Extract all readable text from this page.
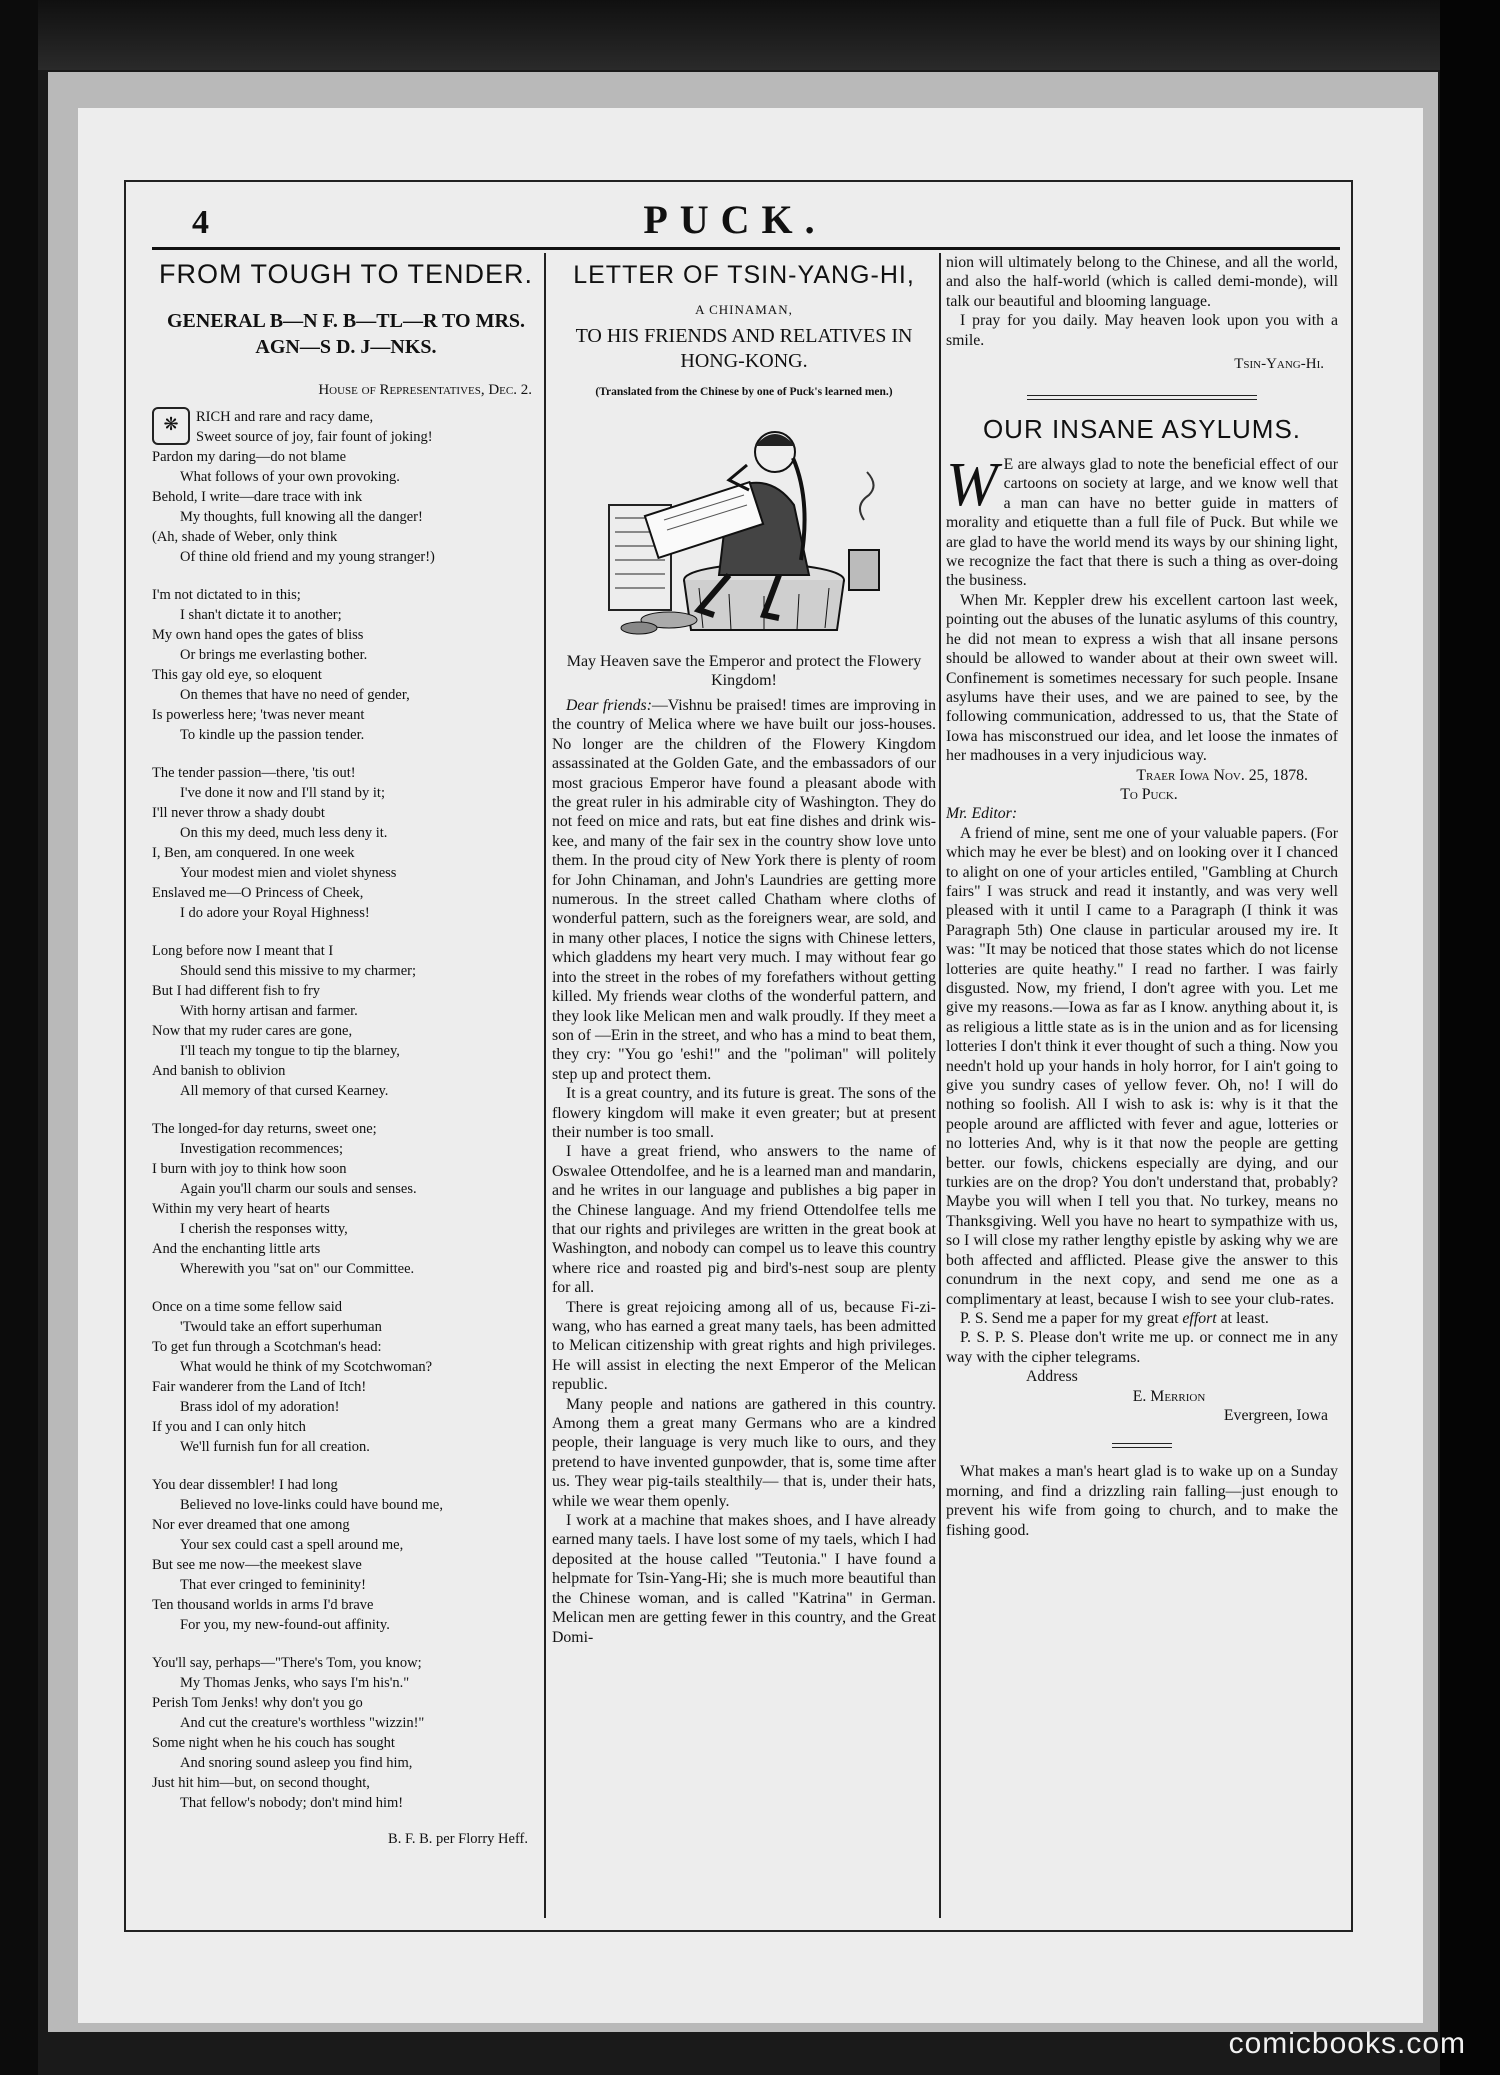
4	PUCK.
FROM TOUGH TO TENDER.
GENERAL B—N F. B—TL—R TO MRS. AGN—S D. J—NKS.
House of Representatives, Dec. 2.
❋	RICH and rare and racy dame,
Sweet source of joy, fair fount of joking!
Pardon my daring—do not blame
What follows of your own provoking.
Behold, I write—dare trace with ink
My thoughts, full knowing all the danger!
(Ah, shade of Weber, only think
Of thine old friend and my young stranger!)
I'm not dictated to in this;
I shan't dictate it to another;
My own hand opes the gates of bliss
Or brings me everlasting bother.
This gay old eye, so eloquent
On themes that have no need of gender,
Is powerless here; 'twas never meant
To kindle up the passion tender.
The tender passion—there, 'tis out!
I've done it now and I'll stand by it;
I'll never throw a shady doubt
On this my deed, much less deny it.
I, Ben, am conquered. In one week
Your modest mien and violet shyness
Enslaved me—O Princess of Cheek,
I do adore your Royal Highness!
Long before now I meant that I
Should send this missive to my charmer;
But I had different fish to fry
With horny artisan and farmer.
Now that my ruder cares are gone,
I'll teach my tongue to tip the blarney,
And banish to oblivion
All memory of that cursed Kearney.
The longed-for day returns, sweet one;
Investigation recommences;
I burn with joy to think how soon
Again you'll charm our souls and senses.
Within my very heart of hearts
I cherish the responses witty,
And the enchanting little arts
Wherewith you "sat on" our Committee.
Once on a time some fellow said
'Twould take an effort superhuman
To get fun through a Scotchman's head:
What would he think of my Scotchwoman?
Fair wanderer from the Land of Itch!
Brass idol of my adoration!
If you and I can only hitch
We'll furnish fun for all creation.
You dear dissembler! I had long
Believed no love-links could have bound me,
Nor ever dreamed that one among
Your sex could cast a spell around me,
But see me now—the meekest slave
That ever cringed to femininity!
Ten thousand worlds in arms I'd brave
For you, my new-found-out affinity.
You'll say, perhaps—"There's Tom, you know;
My Thomas Jenks, who says I'm his'n."
Perish Tom Jenks! why don't you go
And cut the creature's worthless "wizzin!"
Some night when he his couch has sought
And snoring sound asleep you find him,
Just hit him—but, on second thought,
That fellow's nobody; don't mind him!
B. F. B. per Florry Heff.
LETTER OF TSIN-YANG-HI,
A CHINAMAN,
TO HIS FRIENDS AND RELATIVES IN HONG-KONG.
(Translated from the Chinese by one of Puck's learned men.)
May Heaven save the Emperor and protect the Flowery Kingdom!

Dear friends:—Vishnu be praised! times are improving in the country of Melica where we have built our joss-houses. No longer are the children of the Flowery Kingdom assassinated at the Golden Gate, and the embassadors of our most gracious Emperor have found a pleasant abode with the great ruler in his admirable city of Washington. They do not feed on mice and rats, but eat fine dishes and drink wis-kee, and many of the fair sex in the country show love unto them. In the proud city of New York there is plenty of room for John Chinaman, and John's Laundries are getting more numerous. In the street called Chatham where cloths of wonderful pattern, such as the foreigners wear, are sold, and in many other places, I notice the signs with Chinese letters, which gladdens my heart very much. I may without fear go into the street in the robes of my forefathers without getting killed. My friends wear cloths of the wonderful pattern, and they look like Melican men and walk proudly. If they meet a son of —Erin in the street, and who has a mind to beat them, they cry: "You go 'eshi!" and the "poliman" will politely step up and protect them.

It is a great country, and its future is great. The sons of the flowery kingdom will make it even greater; but at present their number is too small.

I have a great friend, who answers to the name of Oswalee Ottendolfee, and he is a learned man and mandarin, and he writes in our language and publishes a big paper in the Chinese language. And my friend Ottendolfee tells me that our rights and privileges are written in the great book at Washington, and nobody can compel us to leave this country where rice and roasted pig and bird's-nest soup are plenty for all.

There is great rejoicing among all of us, because Fi-zi-wang, who has earned a great many taels, has been admitted to Melican citizenship with great rights and high privileges. He will assist in electing the next Emperor of the Melican republic.

Many people and nations are gathered in this country. Among them a great many Germans who are a kindred people, their language is very much like to ours, and they pretend to have invented gunpowder, that is, some time after us. They wear pig-tails stealthily— that is, under their hats, while we wear them openly.

I work at a machine that makes shoes, and I have already earned many taels. I have lost some of my taels, which I had deposited at the house called "Teutonia." I have found a helpmate for Tsin-Yang-Hi; she is much more beautiful than the Chinese woman, and is called "Katrina" in German. Melican men are getting fewer in this country, and the Great Domi-

nion will ultimately belong to the Chinese, and all the world, and also the half-world (which is called demi-monde), will talk our beautiful and blooming language.

I pray for you daily. May heaven look upon you with a smile.

Tsin-Yang-Hi.
OUR INSANE ASYLUMS.

W E are always glad to note the beneficial effect of our cartoons on society at large, and we know well that a man can have no better guide in matters of morality and etiquette than a full file of Puck. But while we are glad to have the world mend its ways by our shining light, we recognize the fact that there is such a thing as over-doing the business.

When Mr. Keppler drew his excellent cartoon last week, pointing out the abuses of the lunatic asylums of this country, he did not mean to express a wish that all insane persons should be allowed to wander about at their own sweet will. Confinement is sometimes necessary for such people. Insane asylums have their uses, and we are pained to see, by the following communication, addressed to us, that the State of Iowa has misconstrued our idea, and let loose the inmates of her madhouses in a very injudicious way.

Traer Iowa Nov. 25, 1878.

To Puck.

Mr. Editor:

A friend of mine, sent me one of your valuable papers. (For which may he ever be blest) and on looking over it I chanced to alight on one of your articles entiled, "Gambling at Church fairs" I was struck and read it instantly, and was very well pleased with it until I came to a Paragraph (I think it was Paragraph 5th) One clause in particular aroused my ire. It was: "It may be noticed that those states which do not license lotteries are quite heathy." I read no farther. I was fairly disgusted. Now, my friend, I don't agree with you. Let me give my reasons.—Iowa as far as I know. anything about it, is as religious a little state as is in the union and as for licensing lotteries I don't think it ever thought of such a thing. Now you needn't hold up your hands in holy horror, for I ain't going to give you sundry cases of yellow fever. Oh, no! I will do nothing so foolish. All I wish to ask is: why is it that the people around are afflicted with fever and ague, lotteries or no lotteries And, why is it that now the people are getting better. our fowls, chickens especially are dying, and our turkies are on the drop? You don't understand that, probably? Maybe you will when I tell you that. No turkey, means no Thanksgiving. Well you have no heart to sympathize with us, so I will close my rather lengthy epistle by asking why we are both affected and afflicted. Please give the answer to this conundrum in the next copy, and send me one as a complimentary at least, because I wish to see your club-rates.

P. S. Send me a paper for my great effort at least.

P. S. P. S. Please don't write me up. or connect me in any way with the cipher telegrams.

Address

E. Merrion

Evergreen, Iowa

What makes a man's heart glad is to wake up on a Sunday morning, and find a drizzling rain falling—just enough to prevent his wife from going to church, and to make the fishing good.

comicbooks.com
